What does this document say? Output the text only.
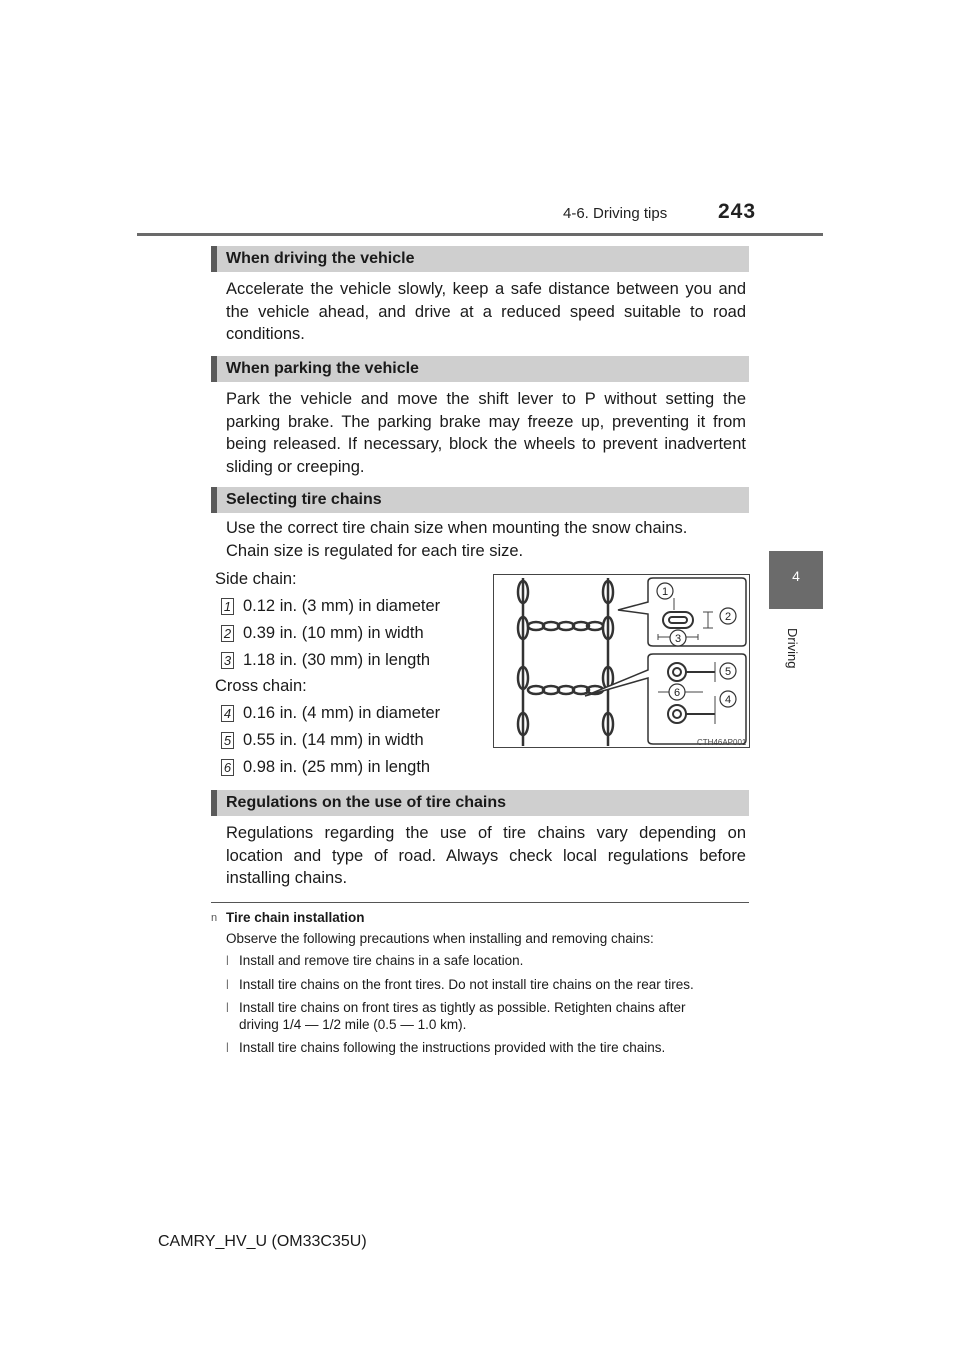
4-6. Driving tips 243
4
Driving
When driving the vehicle
Accelerate the vehicle slowly, keep a safe distance between you and the vehicle ahead, and drive at a reduced speed suitable to road conditions.
When parking the vehicle
Park the vehicle and move the shift lever to P without setting the parking brake. The parking brake may freeze up, preventing it from being released. If necessary, block the wheels to prevent inadvertent sliding or creeping.
Selecting tire chains
Use the correct tire chain size when mounting the snow chains.
Chain size is regulated for each tire size.
Side chain:
1 0.12 in. (3 mm) in diameter
2 0.39 in. (10 mm) in width
3 1.18 in. (30 mm) in length
Cross chain:
4 0.16 in. (4 mm) in diameter
5 0.55 in. (14 mm) in width
6 0.98 in. (25 mm) in length
1
2
3
4
5
6
CTH46AP001
Regulations on the use of tire chains
Regulations regarding the use of tire chains vary depending on location and type of road. Always check local regulations before installing chains.
n Tire chain installation
Observe the following precautions when installing and removing chains:
l Install and remove tire chains in a safe location.
l Install tire chains on the front tires. Do not install tire chains on the rear tires.
l Install tire chains on front tires as tightly as possible. Retighten chains after
driving 1/4 — 1/2 mile (0.5 — 1.0 km).
l Install tire chains following the instructions provided with the tire chains.
CAMRY_HV_U (OM33C35U)
